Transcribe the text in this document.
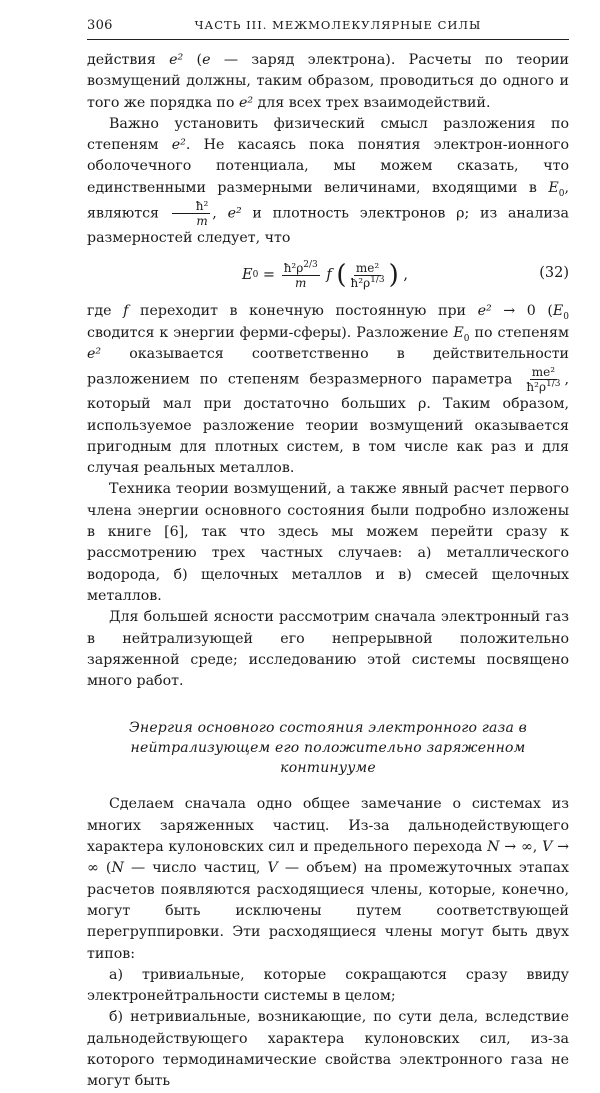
306	ЧАСТЬ III. МЕЖМОЛЕКУЛЯРНЫЕ СИЛЫ

действия e² (e — заряд электрона). Расчеты по теории возмущений должны, таким образом, проводиться до одного и того же порядка по e² для всех трех взаимодействий.

Важно установить физический смысл разложения по степеням e². Не касаясь пока понятия электрон-ионного оболочечного потенциала, мы можем сказать, что единственными размерными величинами, входящими в $E_0$, являются $\frac{\text{ħ²}}{m}$ , e² и плотность электронов ρ; из анализа размерностей следует, что

E $0 = \frac{ħ^2\rho^{2/3}}{m}$ f ( $\frac{\text{me²}}{ħ^2\rho^{1/3}}$ ) ,	(32)

где f переходит в конечную постоянную при e² → 0 ($E_0$ сводится к энергии ферми-сферы). Разложение $E_0$ по степеням e² оказывается соответственно в действительности разложением по степеням безразмерного параметра $\frac{\text{me²}}{ħ^2\rho^{1/3}}$ , который мал при достаточно больших ρ. Таким образом, используемое разложение теории возмущений оказывается пригодным для плотных систем, в том числе как раз и для случая реальных металлов.

Техника теории возмущений, а также явный расчет первого члена энергии основного состояния были подробно изложены в книге [6], так что здесь мы можем перейти сразу к рассмотрению трех частных случаев: а) металлического водорода, б) щелочных металлов и в) смесей щелочных металлов.

Для большей ясности рассмотрим сначала электронный газ в нейтрализующей его непрерывной положительно заряженной среде; исследованию этой системы посвящено много работ.

Энергия основного состояния электронного газа в нейтрализующем его положительно заряженном континууме

Сделаем сначала одно общее замечание о системах из многих заряженных частиц. Из-за дальнодействующего характера кулоновских сил и предельного перехода N → ∞, V → ∞ (N — число частиц, V — объем) на промежуточных этапах расчетов появляются расходящиеся члены, которые, конечно, могут быть исключены путем соответствующей перегруппировки. Эти расходящиеся члены могут быть двух типов:

а) тривиальные, которые сокращаются сразу ввиду электронейтральности системы в целом;

б) нетривиальные, возникающие, по сути дела, вследствие дальнодействующего характера кулоновских сил, из-за которого термодинамические свойства электронного газа не могут быть
